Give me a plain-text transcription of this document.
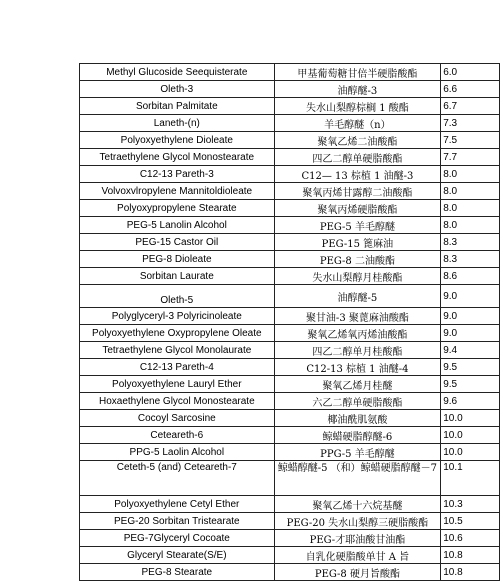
Methyl Glucoside Seequisterate	甲基葡萄糖甘倍半硬脂酸酯	6.0
Oleth-3	油醇醚-3	6.6
Sorbitan Palmitate	失水山梨醇棕榈 1 酸酯	6.7
Laneth-(n)	羊毛醇醚（n）	7.3
Polyoxyethylene Dioleate	聚氧乙烯二油酸酯	7.5
Tetraethylene Glycol Monostearate	四乙二醇单硬脂酸酯	7.7
C12-13 Pareth-3	C12— 13 棕植 1 油醚-3	8.0
Volvoxvlropylene Mannitoldioleate	聚氧丙烯甘露醇二油酸酯	8.0
Polyoxypropylene Stearate	聚氧丙烯硬脂酸酯	8.0
PEG-5 Lanolin Alcohol	PEG-5 羊毛醇醚	8.0
PEG-15 Castor Oil	PEG-15 篦麻油	8.3
PEG-8 Dioleate	PEG-8 二油酸酯	8.3
Sorbitan Laurate	失水山梨醇月桂酸酯	8.6
Oleth-5	油醇醚-5	9.0
Polyglyceryl-3 Polyricinoleate	聚甘油-3 聚蓖麻油酸酯	9.0
Polyoxyethylene Oxypropylene Oleate	聚氧乙烯氧丙烯油酸酯	9.0
Tetraethylene Glycol Monolaurate	四乙二醇单月桂酸酯	9.4
C12-13 Pareth-4	C12-13 棕植 1 油醚-4	9.5
Polyoxyethylene Lauryl Ether	聚氧乙烯月桂醚	9.5
Hoxaethylene Glycol Monostearate	六乙二醇单硬脂酸酯	9.6
Cocoyl Sarcosine	椰油酰肌氨酸	10.0
Ceteareth-6	鲸蜡硬脂醇醚-6	10.0
PPG-5 Laolin Alcohol	PPG-5 羊毛醇醚	10.0
Ceteth-5 (and) Ceteareth-7	鲸蜡醇醚-5 （和）鲸蜡硬脂醇醚－7	10.1
Polyoxyethylene Cetyl Ether	聚氧乙烯十六烷基醚	10.3
PEG-20 Sorbitan Tristearate	PEG-20 失水山梨醇三硬脂酸酯	10.5
PEG-7Glyceryl Cocoate	PEG-才耶油酸甘油酯	10.6
Glyceryl Stearate(S/E)	自乳化硬脂酸单甘 A 旨	10.8
PEG-8 Stearate	PEG-8 硬月旨酸酯	10.8
